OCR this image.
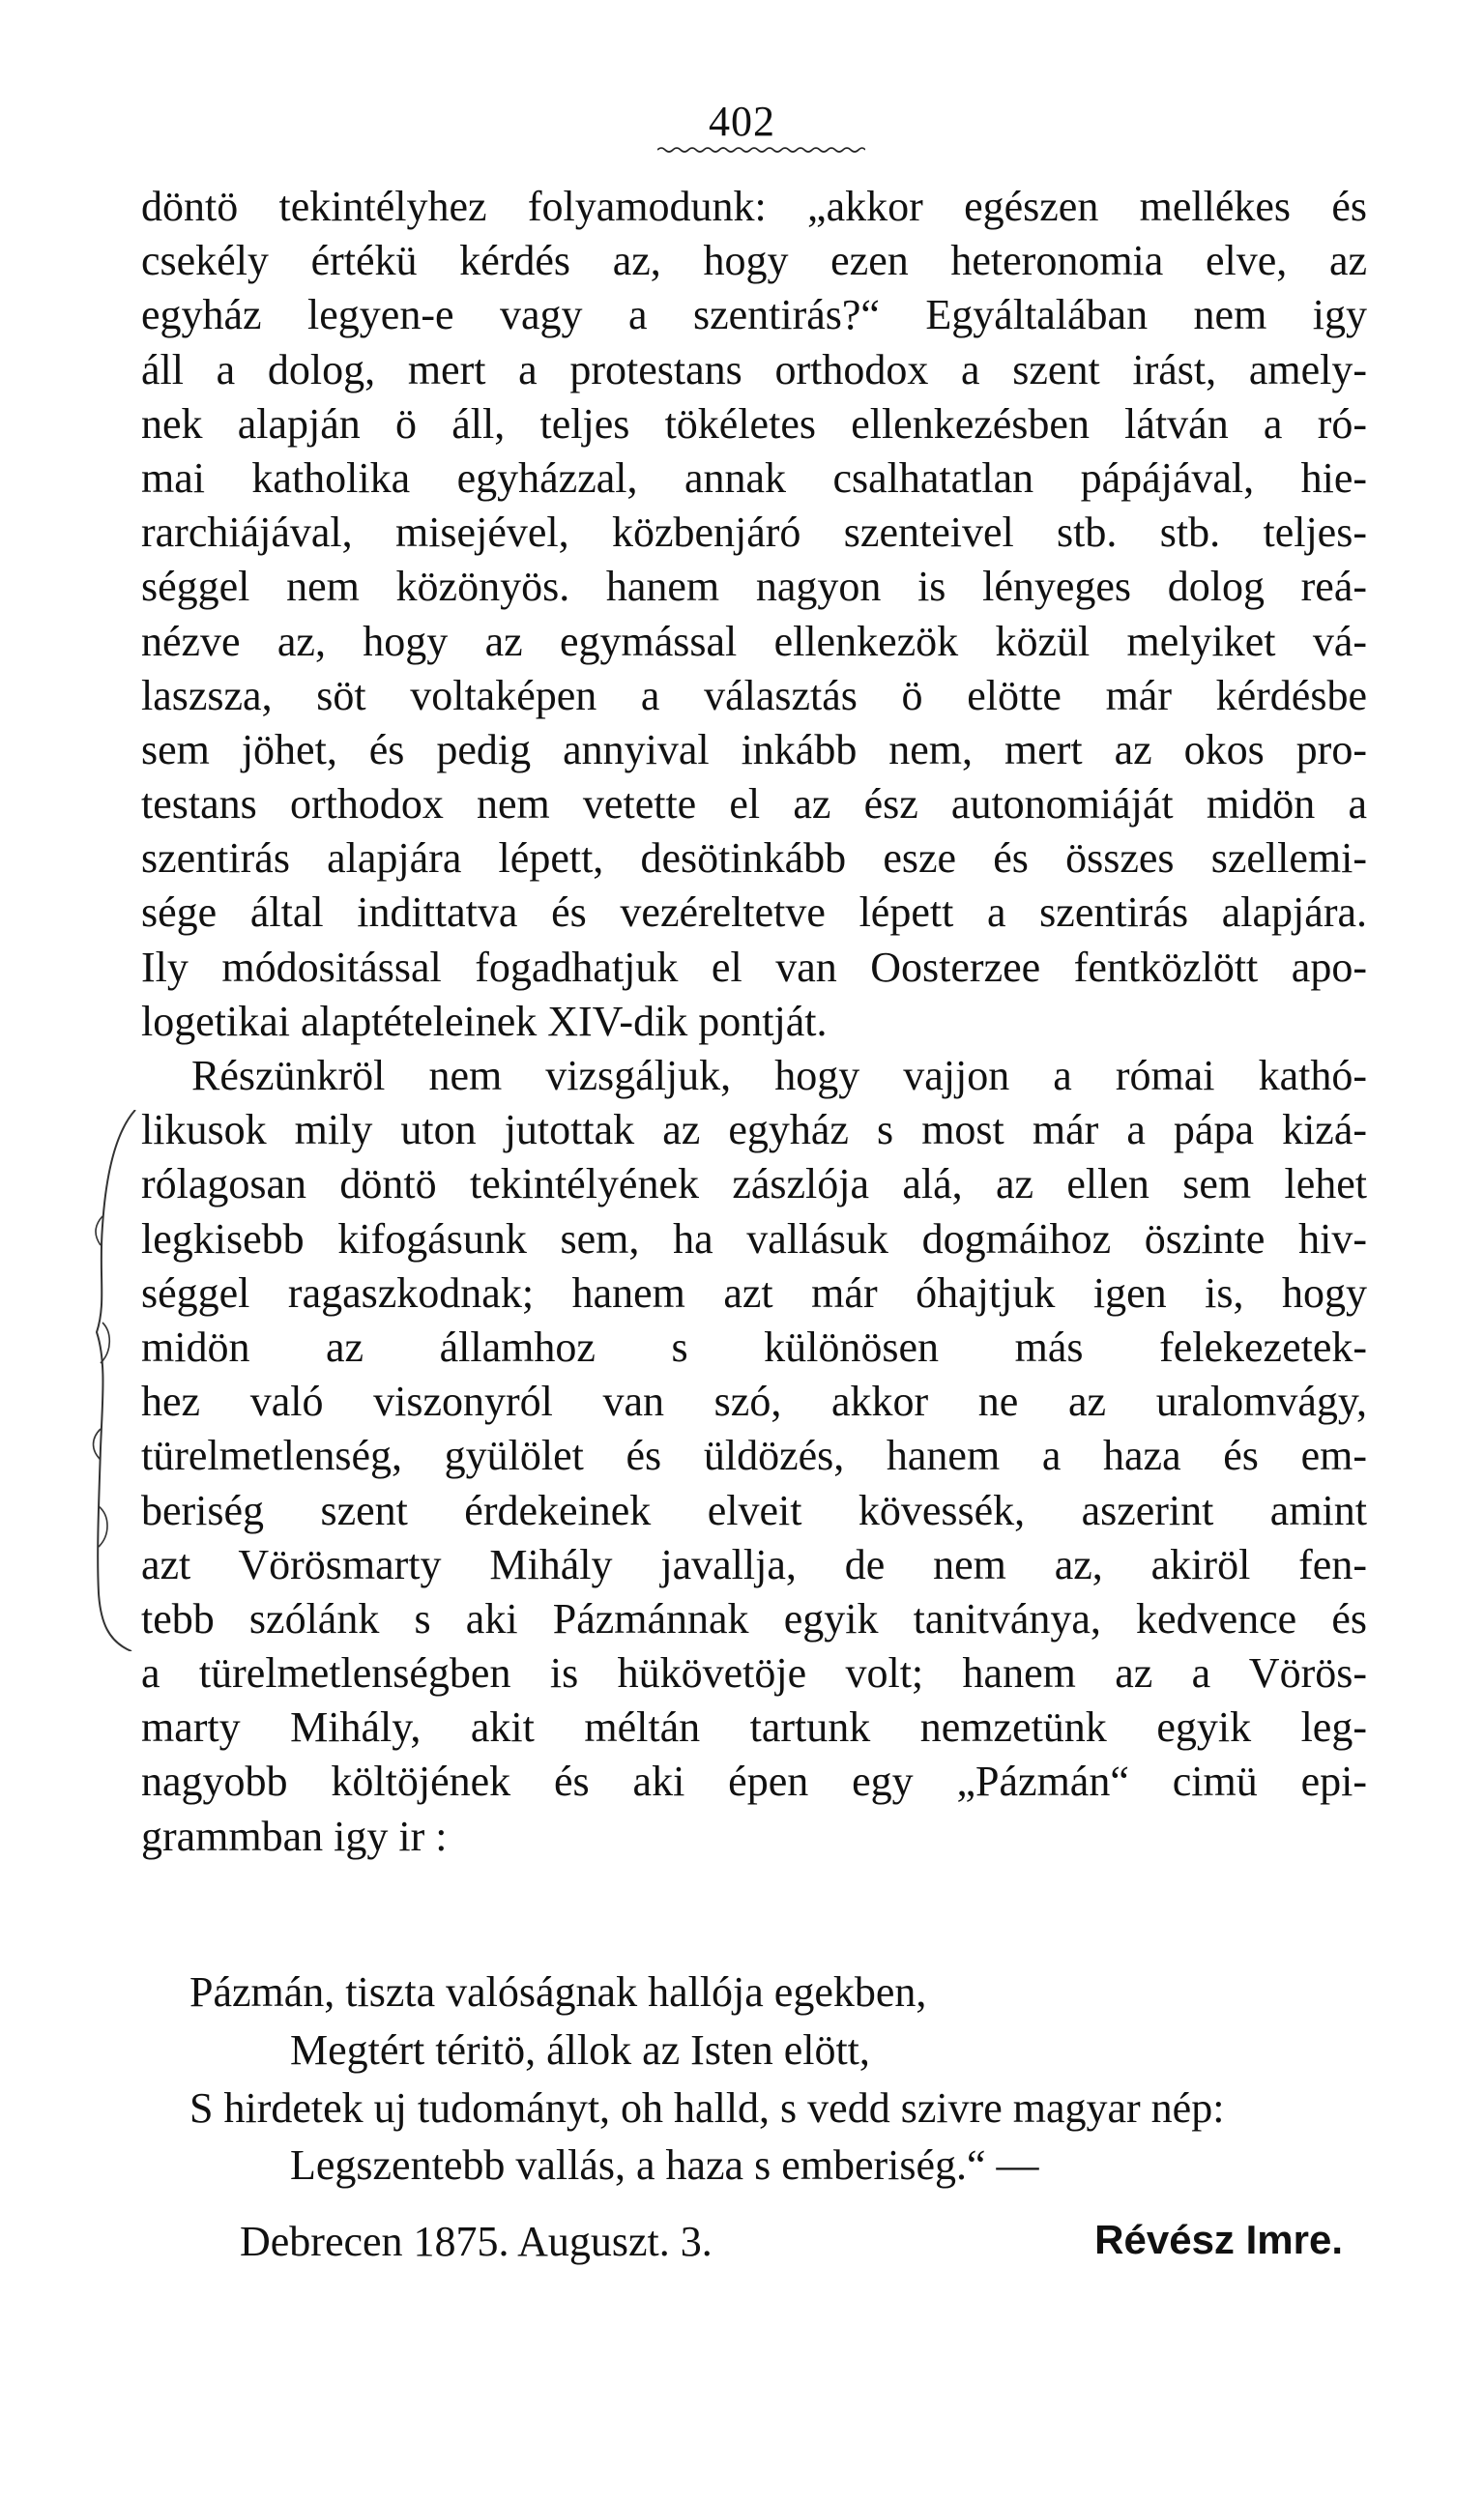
402
döntö tekintélyhez folyamodunk: „akkor egészen mellékes és
csekély értékü kérdés az, hogy ezen heteronomia elve, az
egyház legyen-e vagy a szentirás?“ Egyáltalában nem igy
áll a dolog, mert a protestans orthodox a szent irást, amely-
nek alapján ö áll, teljes tökéletes ellenkezésben látván a ró-
mai katholika egyházzal, annak csalhatatlan pápájával, hie-
rarchiájával, misejével, közbenjáró szenteivel stb. stb. teljes-
séggel nem közönyös. hanem nagyon is lényeges dolog reá-
nézve az, hogy az egymással ellenkezök közül melyiket vá-
laszsza, söt voltaképen a választás ö elötte már kérdésbe
sem jöhet, és pedig annyival inkább nem, mert az okos pro-
testans orthodox nem vetette el az ész autonomiáját midön a
szentirás alapjára lépett, desötinkább esze és összes szellemi-
sége által indittatva és vezéreltetve lépett a szentirás alapjára.
Ily módositással fogadhatjuk el van Oosterzee fentközlött apo-
logetikai alaptételeinek XIV-dik pontját.
Részünkröl nem vizsgáljuk, hogy vajjon a római kathó-
likusok mily uton jutottak az egyház s most már a pápa kizá-
rólagosan döntö tekintélyének zászlója alá, az ellen sem lehet
legkisebb kifogásunk sem, ha vallásuk dogmáihoz öszinte hiv-
séggel ragaszkodnak; hanem azt már óhajtjuk igen is, hogy
midön az államhoz s különösen más felekezetek-
hez való viszonyról van szó, akkor ne az uralomvágy,
türelmetlenség, gyülölet és üldözés, hanem a haza és em-
beriség szent érdekeinek elveit kövessék, aszerint amint
azt Vörösmarty Mihály javallja, de nem az, akiröl fen-
tebb szólánk s aki Pázmánnak egyik tanitványa, kedvence és
a türelmetlenségben is hükövetöje volt; hanem az a Vörös-
marty Mihály, akit méltán tartunk nemzetünk egyik leg-
nagyobb költöjének és aki épen egy „Pázmán“ cimü epi-
grammban igy ir :
Pázmán, tiszta valóságnak hallója egekben,
Megtért téritö, állok az Isten elött,
S hirdetek uj tudományt, oh halld, s vedd szivre magyar nép:
Legszentebb vallás, a haza s emberiség.“ —
Debrecen 1875. Auguszt. 3.	Révész Imre.
